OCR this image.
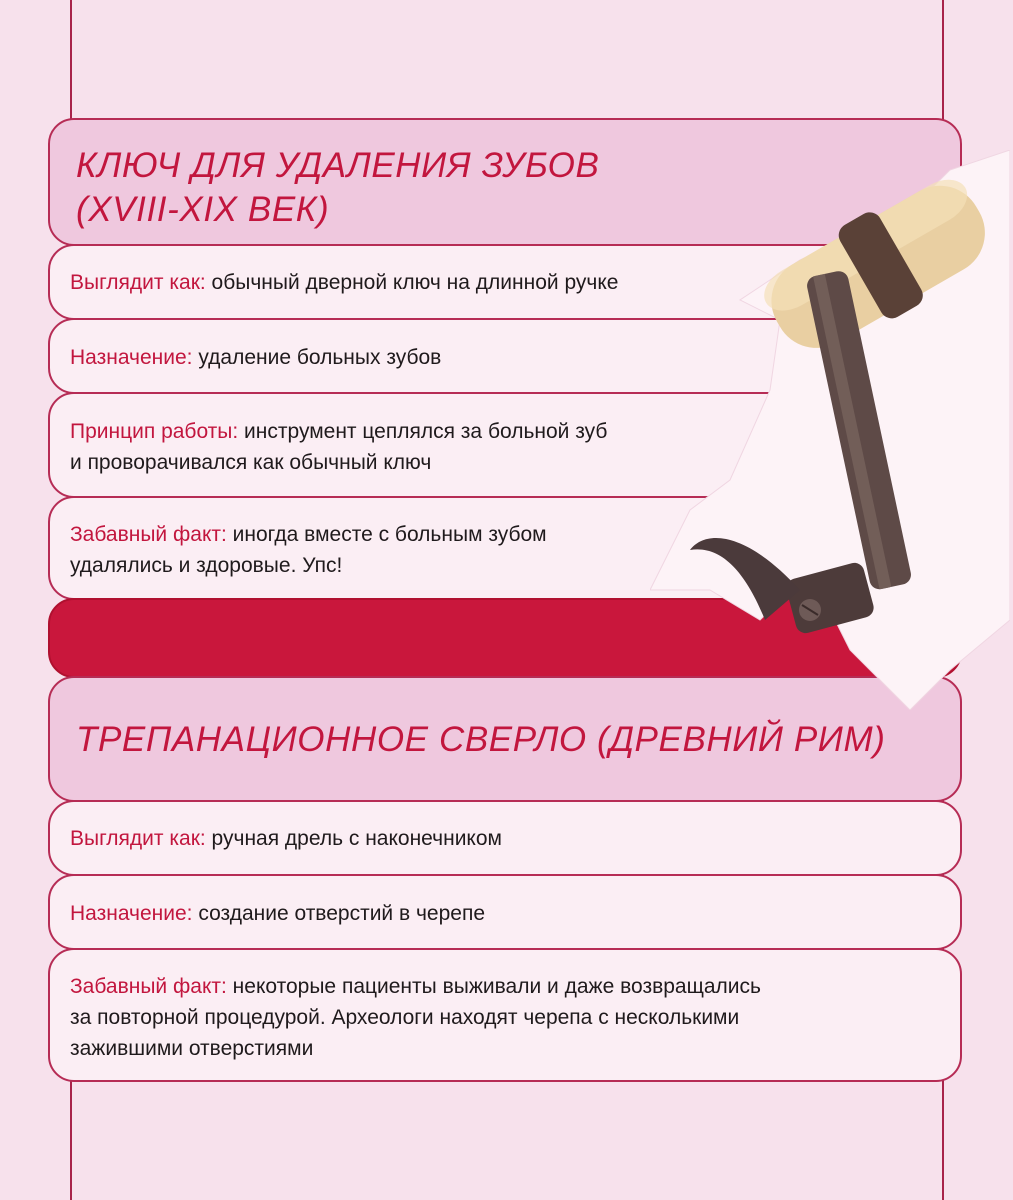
КЛЮЧ ДЛЯ УДАЛЕНИЯ ЗУБОВ
(XVIII-XIX ВЕК)

Выглядит как: обычный дверной ключ на длинной ручке

Назначение: удаление больных зубов

Принцип работы: инструмент цеплялся за больной зуб
и проворачивался как обычный ключ

Забавный факт: иногда вместе с больным зубом
удалялись и здоровые. Упс!

ТРЕПАНАЦИОННОЕ СВЕРЛО (ДРЕВНИЙ РИМ)

Выглядит как: ручная дрель с наконечником

Назначение: создание отверстий в черепе

Забавный факт: некоторые пациенты выживали и даже возвращались
за повторной процедурой. Археологи находят черепа с несколькими
зажившими отверстиями
